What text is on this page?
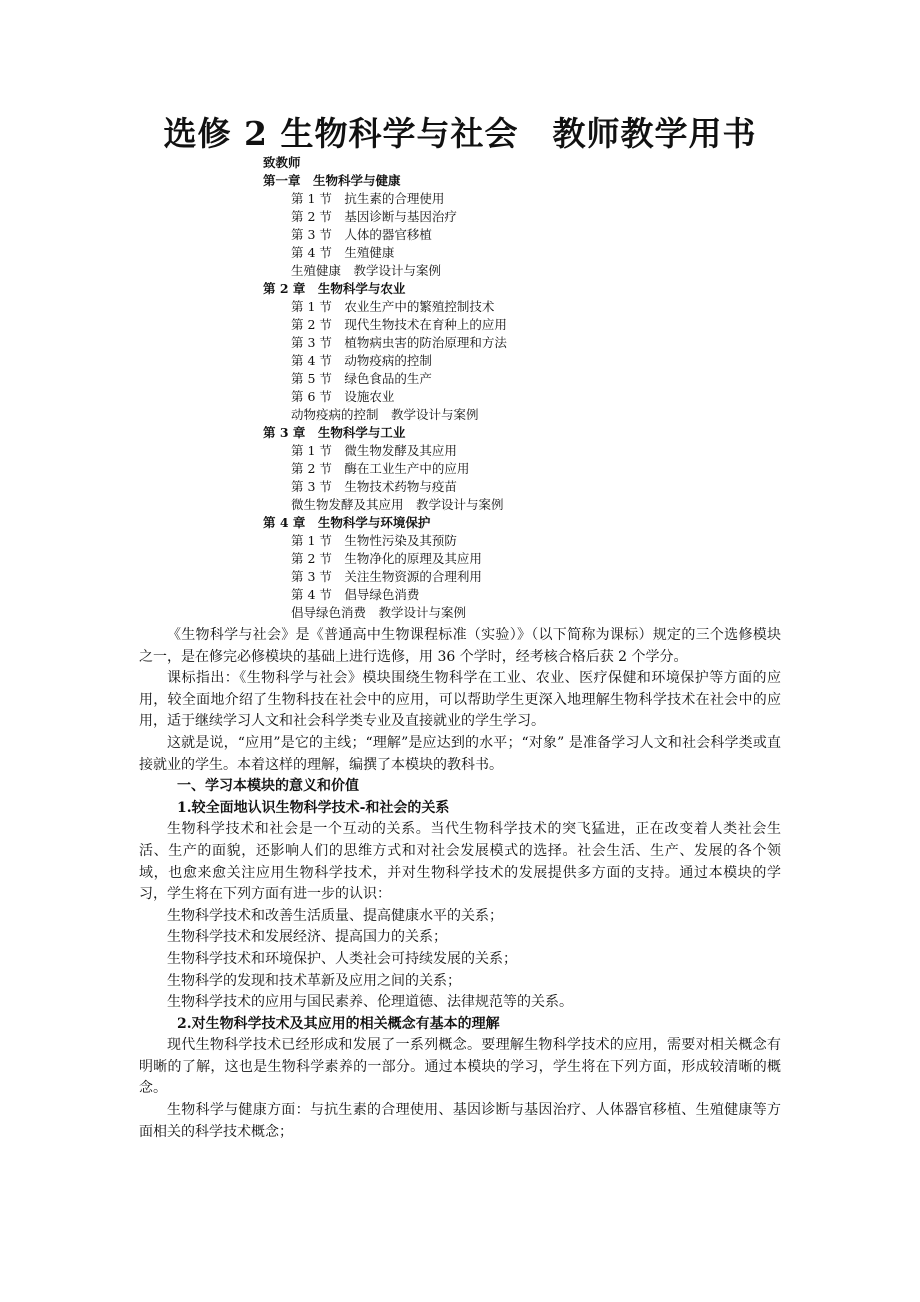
选修 2 生物科学与社会　教师教学用书
致教师
第一章　生物科学与健康
第 1 节　抗生素的合理使用
第 2 节　基因诊断与基因治疗
第 3 节　人体的器官移植
第 4 节　生殖健康
生殖健康　教学设计与案例
第 2 章　生物科学与农业
第 1 节　农业生产中的繁殖控制技术
第 2 节　现代生物技术在育种上的应用
第 3 节　植物病虫害的防治原理和方法
第 4 节　动物疫病的控制
第 5 节　绿色食品的生产
第 6 节　设施农业
动物疫病的控制　教学设计与案例
第 3 章　生物科学与工业
第 1 节　微生物发酵及其应用
第 2 节　酶在工业生产中的应用
第 3 节　生物技术药物与疫苗
微生物发酵及其应用　教学设计与案例
第 4 章　生物科学与环境保护
第 1 节　生物性污染及其预防
第 2 节　生物净化的原理及其应用
第 3 节　关注生物资源的合理利用
第 4 节　倡导绿色消费
倡导绿色消费　教学设计与案例

《生物科学与社会》是《普通高中生物课程标准（实验）》（以下简称为课标）规定的三个选修模块之一，是在修完必修模块的基础上进行选修，用 36 个学时，经考核合格后获 2 个学分。

课标指出：《生物科学与社会》模块围绕生物科学在工业、农业、医疗保健和环境保护等方面的应用，较全面地介绍了生物科技在社会中的应用，可以帮助学生更深入地理解生物科学技术在社会中的应用，适于继续学习人文和社会科学类专业及直接就业的学生学习。

这就是说，“应用”是它的主线；“理解”是应达到的水平；“对象” 是准备学习人文和社会科学类或直接就业的学生。本着这样的理解，编撰了本模块的教科书。

一、学习本模块的意义和价值

1.较全面地认识生物科学技术-和社会的关系

生物科学技术和社会是一个互动的关系。当代生物科学技术的突飞猛进，正在改变着人类社会生活、生产的面貌，还影响人们的思维方式和对社会发展模式的选择。社会生活、生产、发展的各个领域，也愈来愈关注应用生物科学技术，并对生物科学技术的发展提供多方面的支持。通过本模块的学习，学生将在下列方面有进一步的认识：

生物科学技术和改善生活质量、提高健康水平的关系；

生物科学技术和发展经济、提高国力的关系；

生物科学技术和环境保护、人类社会可持续发展的关系；

生物科学的发现和技术革新及应用之间的关系；

生物科学技术的应用与国民素养、伦理道德、法律规范等的关系。

2.对生物科学技术及其应用的相关概念有基本的理解

现代生物科学技术已经形成和发展了一系列概念。要理解生物科学技术的应用，需要对相关概念有明晰的了解，这也是生物科学素养的一部分。通过本模块的学习，学生将在下列方面，形成较清晰的概念。

生物科学与健康方面：与抗生素的合理使用、基因诊断与基因治疗、人体器官移植、生殖健康等方面相关的科学技术概念；
